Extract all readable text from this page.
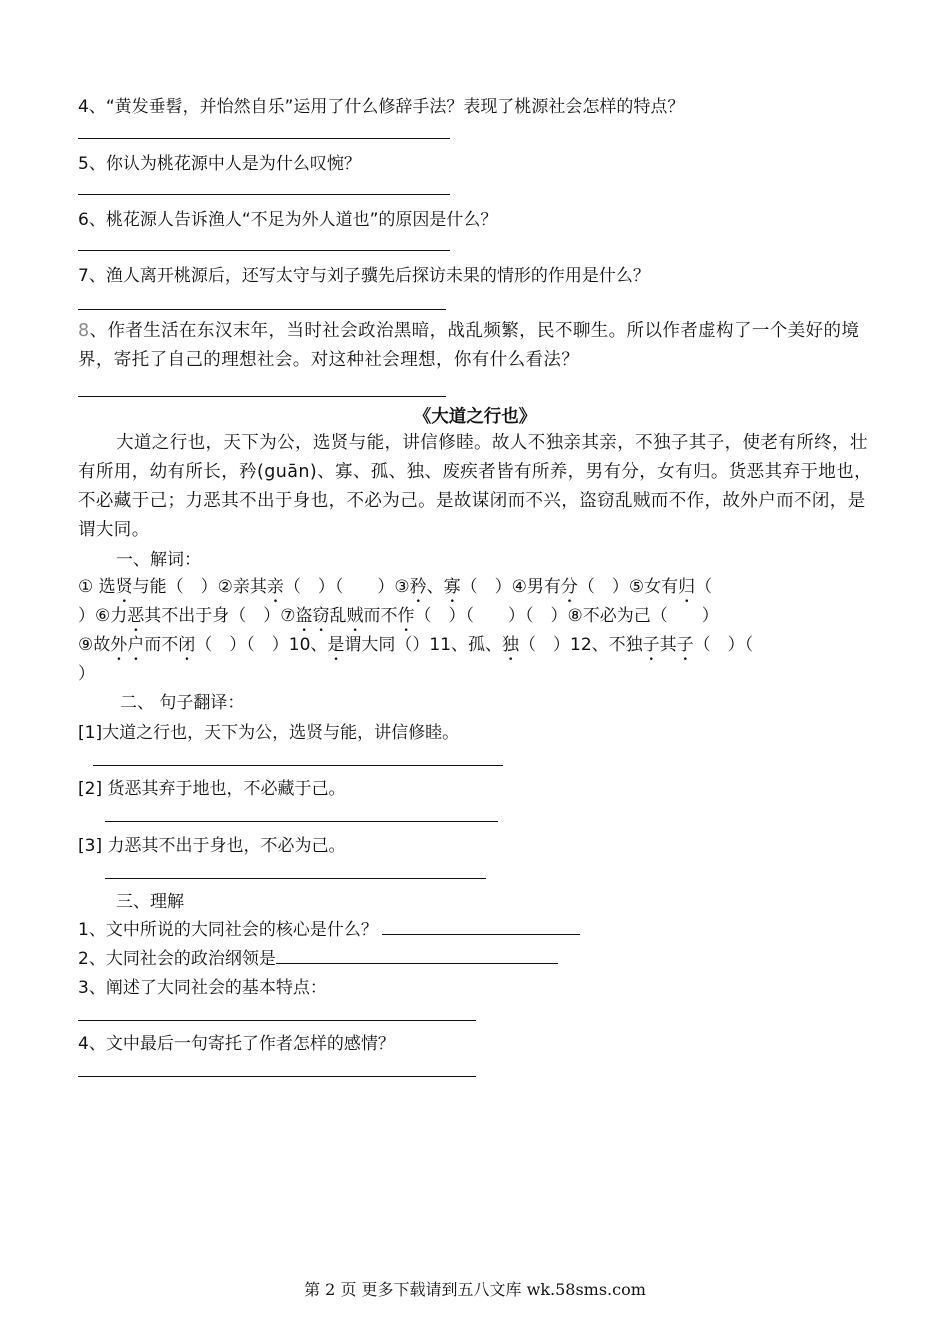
4、“黄发垂髫，并怡然自乐”运用了什么修辞手法？表现了桃源社会怎样的特点？
5、你认为桃花源中人是为什么叹惋？
6、桃花源人告诉渔人“不足为外人道也”的原因是什么？
7、渔人离开桃源后，还写太守与刘子骥先后探访未果的情形的作用是什么？
8、作者生活在东汉末年，当时社会政治黑暗，战乱频繁，民不聊生。所以作者虚构了一个美好的境界，寄托了自己的理想社会。对这种社会理想，你有什么看法？
《大道之行也》
大道之行也，天下为公，选贤与能，讲信修睦。故人不独亲其亲，不独子其子，使老有所终，壮有所用，幼有所长，矜(guān)、寡、孤、独、废疾者皆有所养，男有分，女有归。货恶其弃于地也，不必藏于己；力恶其不出于身也，不必为己。是故谋闭而不兴，盗窃乱贼而不作，故外户而不闭，是谓大同。
一、解词：
① 选贤与能（　）②亲其亲（　）（　　）③矜、寡（　）④男有分（　）⑤女有归（
）⑥力恶其不出于身（　）⑦盗窃乱贼而不作（　）（　　）（　）⑧不必为己（　　）
⑨故外户而不闭（　）（　）10、是谓大同（）11、孤、独（　）12、不独子其子（　）（
）
二、 句子翻译：
[1]大道之行也，天下为公，选贤与能，讲信修睦。
[2] 货恶其弃于地也，不必藏于己。
[3] 力恶其不出于身也，不必为己。
三、理解
1、文中所说的大同社会的核心是什么？
2、大同社会的政治纲领是
3、阐述了大同社会的基本特点：
4、文中最后一句寄托了作者怎样的感情？
第 2 页 更多下载请到五八文库 wk.58sms.com
